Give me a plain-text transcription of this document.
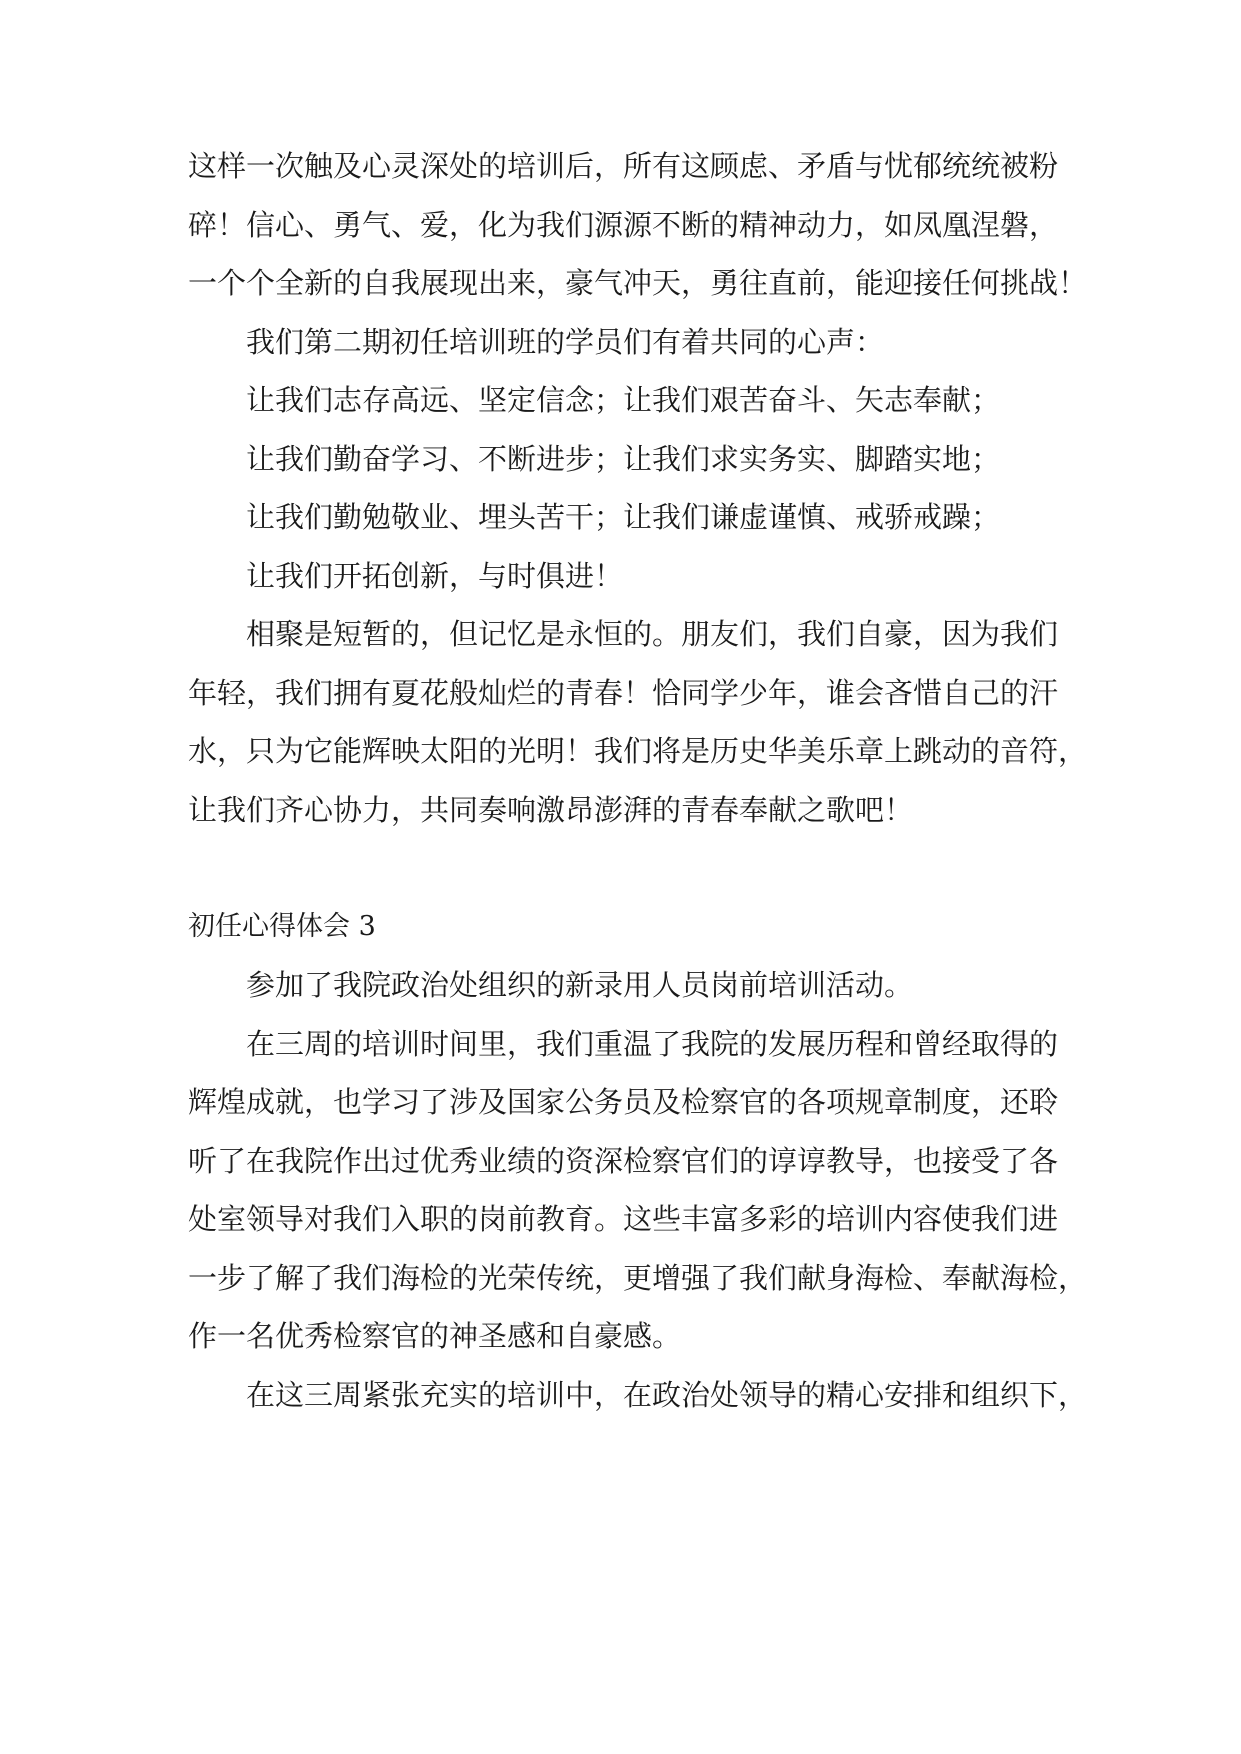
这样一次触及心灵深处的培训后，所有这顾虑、矛盾与忧郁统统被粉
碎！信心、勇气、爱，化为我们源源不断的精神动力，如凤凰涅磐，
一个个全新的自我展现出来，豪气冲天，勇往直前，能迎接任何挑战！
我们第二期初任培训班的学员们有着共同的心声：
让我们志存高远、坚定信念；让我们艰苦奋斗、矢志奉献；
让我们勤奋学习、不断进步；让我们求实务实、脚踏实地；
让我们勤勉敬业、埋头苦干；让我们谦虚谨慎、戒骄戒躁；
让我们开拓创新，与时俱进！
相聚是短暂的，但记忆是永恒的。朋友们，我们自豪，因为我们
年轻，我们拥有夏花般灿烂的青春！恰同学少年，谁会吝惜自己的汗
水，只为它能辉映太阳的光明！我们将是历史华美乐章上跳动的音符，
让我们齐心协力，共同奏响激昂澎湃的青春奉献之歌吧！
初任心得体会 3
参加了我院政治处组织的新录用人员岗前培训活动。
在三周的培训时间里，我们重温了我院的发展历程和曾经取得的
辉煌成就，也学习了涉及国家公务员及检察官的各项规章制度，还聆
听了在我院作出过优秀业绩的资深检察官们的谆谆教导，也接受了各
处室领导对我们入职的岗前教育。这些丰富多彩的培训内容使我们进
一步了解了我们海检的光荣传统，更增强了我们献身海检、奉献海检，
作一名优秀检察官的神圣感和自豪感。
在这三周紧张充实的培训中，在政治处领导的精心安排和组织下，
